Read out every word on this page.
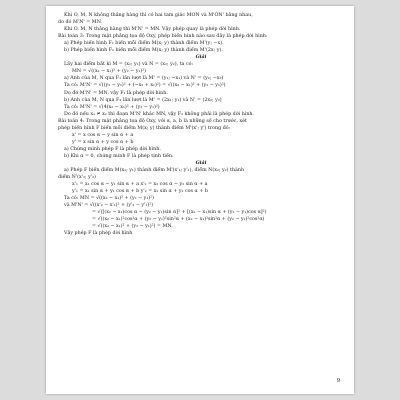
Khi O, M, N không thẳng hàng thì có hai tam giác MON và M'ON' bằng nhau,
do đó M'N' = MN.
Khi O, M, N thẳng hàng thì M'N' = MN. Vậy phép quay là phép dời hình.
Bài toán 3: Trong mặt phẳng tọa độ Oxy, phép biến hình nào sau đây là phép dời hình:
a) Phép biến hình F₁ biến mỗi điểm M(x; y) thành điểm M'(y; −x).
b) Phép biến hình F₂ biến mỗi điểm M(x; y) thành điểm M'(2x; y).
Giải
Lấy hai điểm bất kì M = (x₁; y₁) và N = (x₂; y₂), ta có:
MN = √((x₂ − x₁)² + (y₂ − y₁)²)
a) Ảnh của M, N qua F₁ lần lượt là M' = (y₁; −x₁) và N' = (y₂; −x₂)
Ta có: M'N' = √((y₂ − y₁)² + (−x₂ + x₁)²) = √((x₂ − x₁)² + (y₂ − y₁)²)
Do đó M'N' = MN, vậy F₁ là phép dời hình.
b) Ảnh của M, N qua F₂ lần lượt là M' = (2x₁; y₁) và N' = (2x₂; y₂)
Ta có: M'N' = √(4(x₂ − x₁)² + (y₂ − y₁)²)
Do đó nếu x₁ ≠ x₂ thì đoạn M'N' khác MN, vậy F₂ không phải là phép dời hình.
Bài toán 4: Trong mặt phẳng tọa độ Oxy, với α, a, b là những số cho trước, xét
phép biến hình F biến mỗi điểm M(x; y) thành điểm M'(x'; y') trong đó:
x' = x cos α − y sin α + a
y' = x sin α + y cos α + b
a) Chứng minh phép F là phép dời hình.
b) Khi α = 0, chứng minh F là phép tịnh tiến.
Giải
a) Phép F biến điểm M(x₁; y₁) thành điểm M'(x'₁; y'₁), điểm N(x₂; y₂) thành
điểm N'(x'₂; y'₂)
x'₁ = x₁ cos α − y₁ sin α + a x'₂ = x₂ cos α − y₂ sin α + a
y'₁ = x₁ sin α + y₁ cos α + b y'₂ = x₂ sin α + y₂ cos α + b
Ta có: MN = √((x₂ − x₁)² + (y₂ − y₁)²)
và M'N' = √((x'₂ − x'₁)² + (y'₂ − y'₁)²)
= √([(x₂ − x₁)cos α − (y₂ − y₁)sin α]² + [(x₂ − x₁)sin α + (y₂ − y₁)cos α]²)
= √((x₂ − x₁)²cos²α + (y₂ − y₁)²sin²α + (x₂ − x₁)²sin²α + (y₂ − y₁)²cos²α)
= √((x₂ − x₁)² + (y₂ − y₁)²) = MN.
Vậy phép F là phép dời hình
9
